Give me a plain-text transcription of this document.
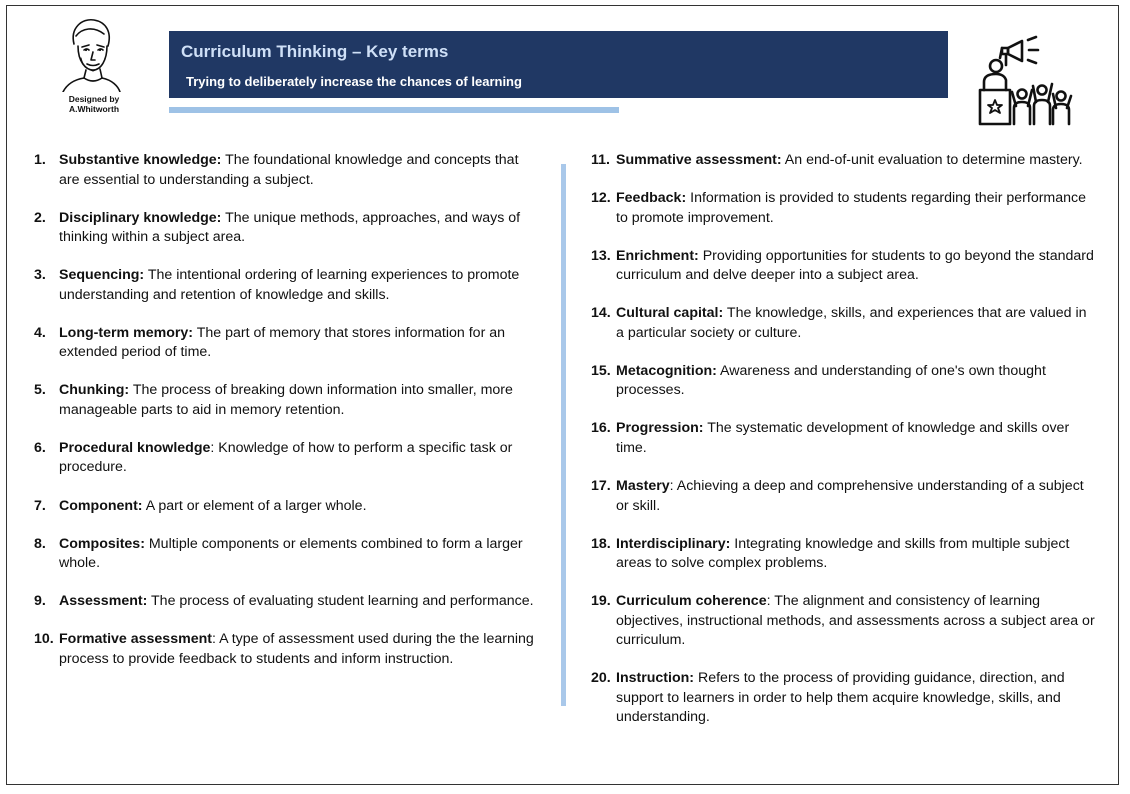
Designed by
A.Whitworth
Curriculum Thinking – Key terms
Trying to deliberately increase the chances of learning
1. Substantive knowledge: The foundational knowledge and concepts that are essential to understanding a subject.
2. Disciplinary knowledge: The unique methods, approaches, and ways of thinking within a subject area.
3. Sequencing: The intentional ordering of learning experiences to promote understanding and retention of knowledge and skills.
4. Long-term memory: The part of memory that stores information for an extended period of time.
5. Chunking: The process of breaking down information into smaller, more manageable parts to aid in memory retention.
6. Procedural knowledge: Knowledge of how to perform a specific task or procedure.
7. Component: A part or element of a larger whole.
8. Composites: Multiple components or elements combined to form a larger whole.
9. Assessment: The process of evaluating student learning and performance.
10. Formative assessment: A type of assessment used during the the learning process to provide feedback to students and inform instruction.
11. Summative assessment: An end-of-unit evaluation to determine mastery.
12. Feedback: Information is provided to students regarding their performance to promote improvement.
13. Enrichment: Providing opportunities for students to go beyond the standard curriculum and delve deeper into a subject area.
14. Cultural capital: The knowledge, skills, and experiences that are valued in a particular society or culture.
15. Metacognition: Awareness and understanding of one's own thought processes.
16. Progression: The systematic development of knowledge and skills over time.
17. Mastery: Achieving a deep and comprehensive understanding of a subject or skill.
18. Interdisciplinary: Integrating knowledge and skills from multiple subject areas to solve complex problems.
19. Curriculum coherence: The alignment and consistency of learning objectives, instructional methods, and assessments across a subject area or curriculum.
20. Instruction: Refers to the process of providing guidance, direction, and support to learners in order to help them acquire knowledge, skills, and understanding.
